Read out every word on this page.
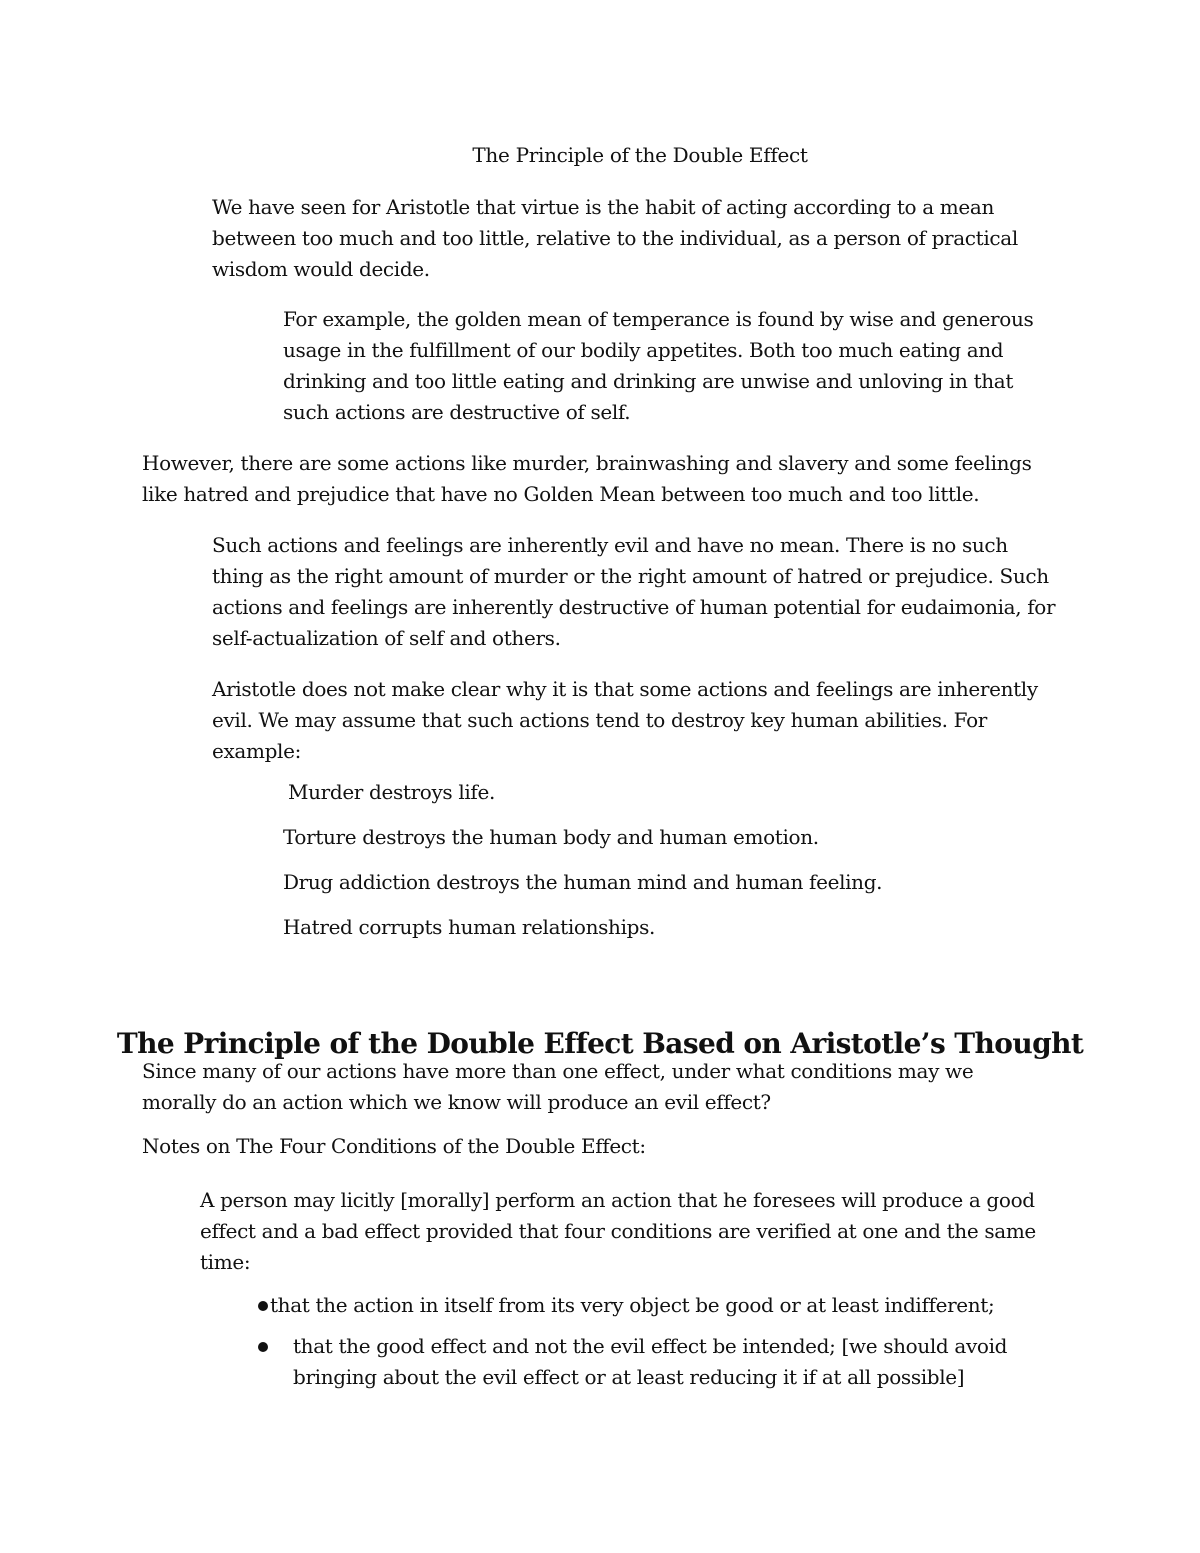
The Principle of the Double Effect

We have seen for Aristotle that virtue is the habit of acting according to a mean between too much and too little, relative to the individual, as a person of practical wisdom would decide.

For example, the golden mean of temperance is found by wise and generous usage in the fulfillment of our bodily appetites. Both too much eating and drinking and too little eating and drinking are unwise and unloving in that such actions are destructive of self.

However, there are some actions like murder, brainwashing and slavery and some feelings like hatred and prejudice that have no Golden Mean between too much and too little.

Such actions and feelings are inherently evil and have no mean. There is no such thing as the right amount of murder or the right amount of hatred or prejudice. Such actions and feelings are inherently destructive of human potential for eudaimonia, for self-actualization of self and others.

Aristotle does not make clear why it is that some actions and feelings are inherently evil. We may assume that such actions tend to destroy key human abilities. For example:

Murder destroys life.
Torture destroys the human body and human emotion.
Drug addiction destroys the human mind and human feeling.
Hatred corrupts human relationships.
The Principle of the Double Effect Based on Aristotle’s Thought

Since many of our actions have more than one effect, under what conditions may we morally do an action which we know will produce an evil effect?

Notes on The Four Conditions of the Double Effect:

A person may licitly [morally] perform an action that he foresees will produce a good effect and a bad effect provided that four conditions are verified at one and the same time:

that the action in itself from its very object be good or at least indifferent;
that the good effect and not the evil effect be intended; [we should avoid bringing about the evil effect or at least reducing it if at all possible]
